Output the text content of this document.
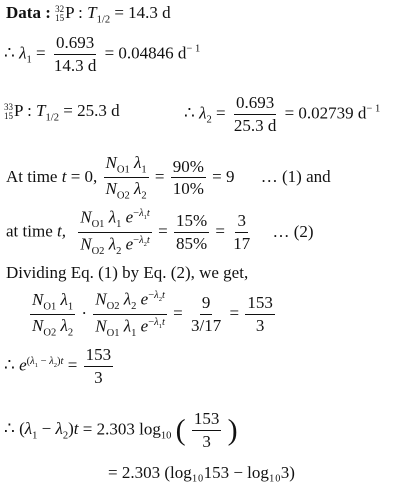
Data : 32
15 P : $T_{1/2} = 14.3$ d
∴ $\lambda_1 = \frac{0.693}{14.3 d} = 0.04846$ $d^{- 1}$
33
15 P : $T_{1/2} = 25.3$ d	∴ $\lambda_2 = \frac{0.693}{25.3 d} = 0.02739$ $d^{- 1}$
At time t = 0, $\frac{N_{O1} \lambda_1}{N_{O2} \lambda_2} = \frac{90\%}{10\%} = 9$ … (1) and
at time t, $\frac{N_{O1} \lambda_1 e^{-\lambda_1t}}{N_{O2} \lambda_2 e^{-\lambda_2t}} = \frac{15\%}{85\%} = \frac{3}{17}$ … (2)
Dividing Eq. (1) by Eq. (2), we get,
$\frac{N_{O1} \lambda_1}{N_{O2} \lambda_2} \cdot \frac{N_{O2} \lambda_2 e^{-\lambda_2t}}{N_{O1} \lambda_1 e^{-\lambda_1t}} = \frac{9}{3/17} = \frac{153}{3}$
∴ $e^{(\lambda_1 - \lambda_2)t} = \frac{153}{3}$
∴ $(\lambda_1 - \lambda_2)t = 2.303$ $\log_{10}$ ( $\frac{153}{3}$ )
= 2.303 (log₁₀153 − log₁₀3)
